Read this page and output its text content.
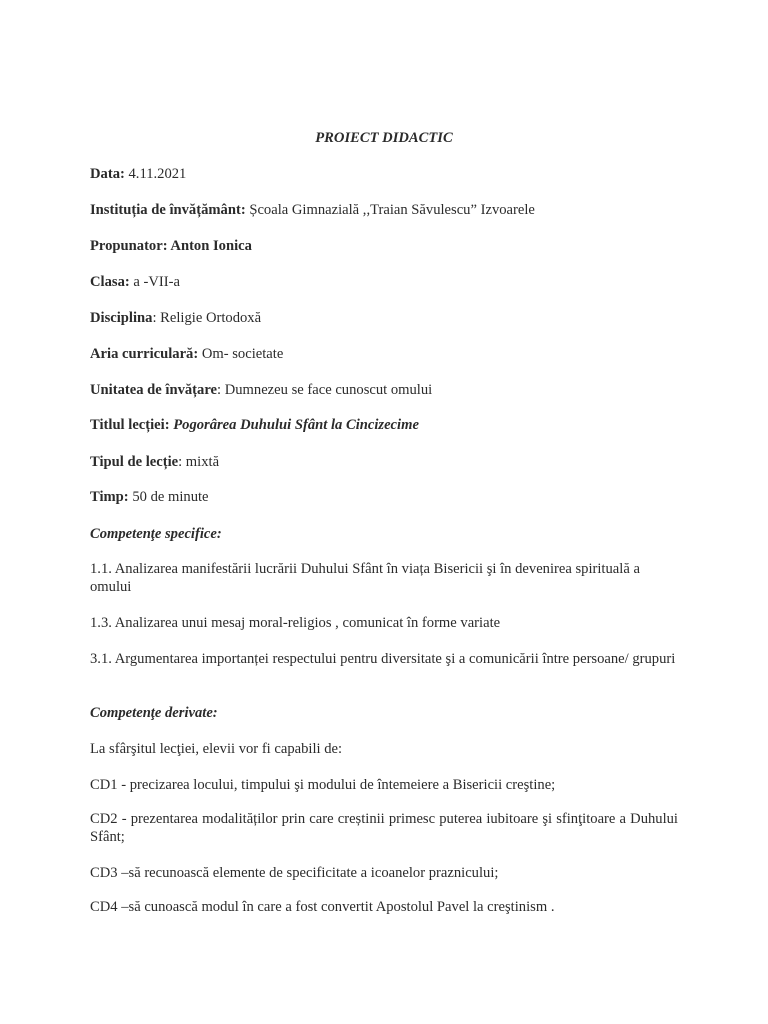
PROIECT DIDACTIC
Data: 4.11.2021
Instituția de învățământ: Școala Gimnazială ,,Traian Săvulescu” Izvoarele
Propunator: Anton Ionica
Clasa: a -VII-a
Disciplina: Religie Ortodoxă
Aria curriculară: Om- societate
Unitatea de învățare: Dumnezeu se face cunoscut omului
Titlul lecției: Pogorârea Duhului Sfânt la Cincizecime
Tipul de lecție: mixtă
Timp: 50 de minute
Competenţe specifice:
1.1. Analizarea manifestării lucrării Duhului Sfânt în viața Bisericii şi în devenirea spirituală a omului
1.3. Analizarea unui mesaj moral-religios , comunicat în forme variate
3.1. Argumentarea importanței respectului pentru diversitate şi a comunicării între persoane/ grupuri
Competenţe derivate:
La sfârşitul lecţiei, elevii vor fi capabili de:
CD1 - precizarea locului, timpului şi modului de întemeiere a Bisericii creştine;
CD2 - prezentarea modalităților prin care creștinii primesc puterea iubitoare şi sfinţitoare a Duhului Sfânt;
CD3 –să recunoască elemente de specificitate a icoanelor praznicului;
CD4 –să cunoască modul în care a fost convertit Apostolul Pavel la creştinism .
